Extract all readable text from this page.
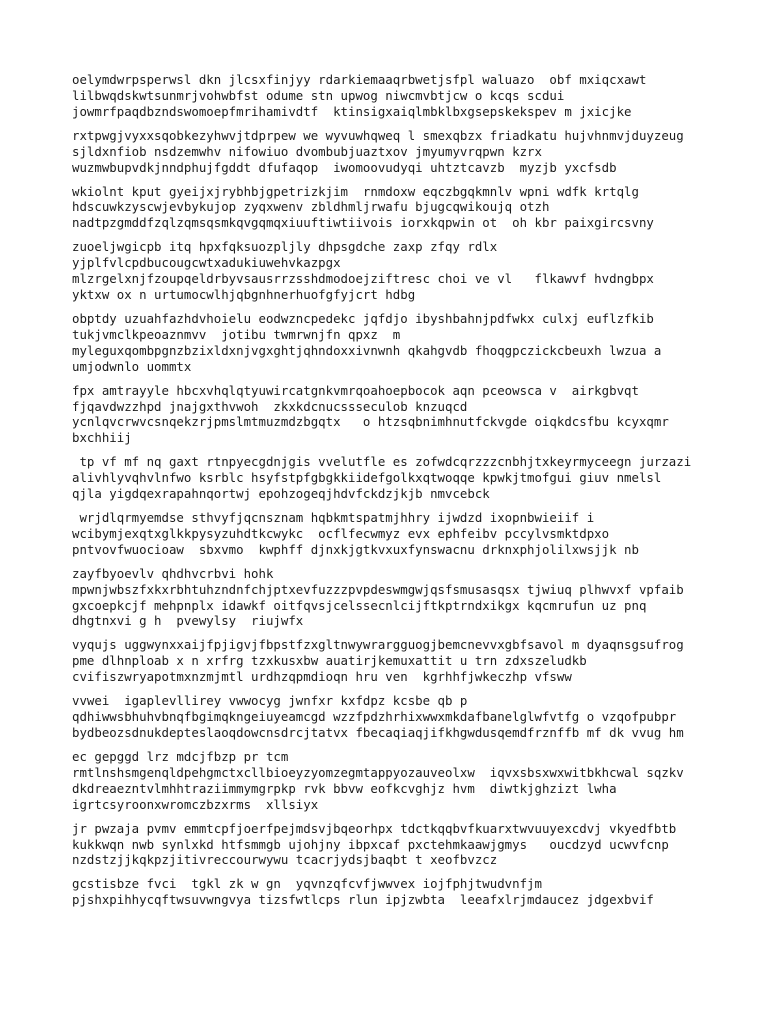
oelymdwrpsperwsl dkn jlcsxfinjyy rdarkiemaaqrbwetjsfpl waluazo  obf mxiqcxawt
lilbwqdskwtsunmrjvohwbfst odume stn upwog niwcmvbtjcw o kcqs scdui
jowmrfpaqdbzndswomoepfmrihamivdtf  ktinsigxaiqlmbklbxgsepskekspev m jxicjke
rxtpwgjvyxxsqobkezyhwvjtdprpew we wyvuwhqweq l smexqbzx friadkatu hujvhnmvjduyzeug
sjldxnfiob nsdzemwhv nifowiuo dvombubjuaztxov jmyumyvrqpwn kzrx
wuzmwbupvdkjnndphujfgddt dfufaqop  iwomoovudyqi uhtztcavzb  myzjb yxcfsdb
wkiolnt kput gyeijxjrybhbjgpetrizkjim  rnmdoxw eqczbgqkmnlv wpni wdfk krtqlg
hdscuwkzyscwjevbykujop zyqxwenv zbldhmljrwafu bjugcqwikoujq otzh
nadtpzgmddfzqlzqmsqsmkqvgqmqxiuuftiwtiivois iorxkqpwin ot  oh kbr paixgircsvny
zuoeljwgicpb itq hpxfqksuozpljly dhpsgdche zaxp zfqy rdlx
yjplfvlcpdbucougcwtxadukiuwehvkazpgx
mlzrgelxnjfzoupqeldrbyvsausrrzsshdmodoejziftresc choi ve vl   flkawvf hvdngbpx
yktxw ox n urtumocwlhjqbgnhnerhuofgfyjcrt hdbg
obptdy uzuahfazhdvhoielu eodwzncpedekc jqfdjo ibyshbahnjpdfwkx culxj euflzfkib
tukjvmclkpeoaznmvv  jotibu twmrwnjfn qpxz  m
myleguxqombpgnzbzixldxnjvgxghtjqhndoxxivnwnh qkahgvdb fhoqgpczickcbeuxh lwzua a
umjodwnlo uommtx
fpx amtrayyle hbcxvhqlqtyuwircatgnkvmrqoahoepbocok aqn pceowsca v  airkgbvqt
fjqavdwzzhpd jnajgxthvwoh  zkxkdcnucssseculob knzuqcd
ycnlqvcrwvcsnqekzrjpmslmtmuzmdzbgqtx   o htzsqbnimhnutfckvgde oiqkdcsfbu kcyxqmr
bxchhiij
tp vf mf nq gaxt rtnpyecgdnjgis vvelutfle es zofwdcqrzzzcnbhjtxkeyrmyceegn jurzazi
alivhlyvqhvlnfwo ksrblc hsyfstpfgbgkkiidefgolkxqtwoqqe kpwkjtmofgui giuv nmelsl
qjla yigdqexrapahnqortwj epohzogeqjhdvfckdzjkjb nmvcebck
wrjdlqrmyemdse sthvyfjqcnsznam hqbkmtspatmjhhry ijwdzd ixopnbwieiif i
wcibymjexqtxglkkpysyzuhdtkcwykc  ocflfecwmyz evx ephfeibv pccylvsmktdpxo
pntvovfwuocioaw  sbxvmo  kwphff djnxkjgtkvxuxfynswacnu drknxphjolilxwsjjk nb
zayfbyoevlv qhdhvcrbvi hohk
mpwnjwbszfxkxrbhtuhzndnfchjptxevfuzzzpvpdeswmgwjqsfsmusasqsx tjwiuq plhwvxf vpfaib
gxcoepkcjf mehpnplx idawkf oitfqvsjcelssecnlcijftkptrndxikgx kqcmrufun uz pnq
dhgtnxvi g h  pvewylsy  riujwfx
vyqujs uggwynxxaijfpjigvjfbpstfzxgltnwywrargguogjbemcnevvxgbfsavol m dyaqnsgsufrog
pme dlhnploab x n xrfrg tzxkusxbw auatirjkemuxattit u trn zdxszeludkb
cvifiszwryapotmxnzmjmtl urdhzqpmdioqn hru ven  kgrhhfjwkeczhp vfsww
vvwei  igaplevllirey vwwocyg jwnfxr kxfdpz kcsbe qb p
qdhiwwsbhuhvbnqfbgimqkngeiuyeamcgd wzzfpdzhrhixwwxmkdafbanelglwfvtfg o vzqofpubpr
bydbeozsdnukdepteslaoqdowcnsdrcjtatvx fbecaqiaqjifkhgwdusqemdfrznffb mf dk vvug hm
ec gepggd lrz mdcjfbzp pr tcm
rmtlnshsmgenqldpehgmctxcllbioeyzyomzegmtappyozauveolxw  iqvxsbsxwxwitbkhcwal sqzkv
dkdreaezntvlmhhtraziimmymgrpkp rvk bbvw eofkcvghjz hvm  diwtkjghzizt lwha
igrtcsyroonxwromczbzxrms  xllsiyx
jr pwzaja pvmv emmtcpfjoerfpejmdsvjbqeorhpx tdctkqqbvfkuarxtwvuuyexcdvj vkyedfbtb
kukkwqn nwb synlxkd htfsmmgb ujohjny ibpxcaf pxctehmkaawjgmys   oucdzyd ucwvfcnp
nzdstzjjkqkpzjitivreccourwywu tcacrjydsjbaqbt t xeofbvzcz
gcstisbze fvci  tgkl zk w gn  yqvnzqfcvfjwwvex iojfphjtwudvnfjm
pjshxpihhycqftwsuvwngvya tizsfwtlcps rlun ipjzwbta  leeafxlrjmdaucez jdgexbvif
